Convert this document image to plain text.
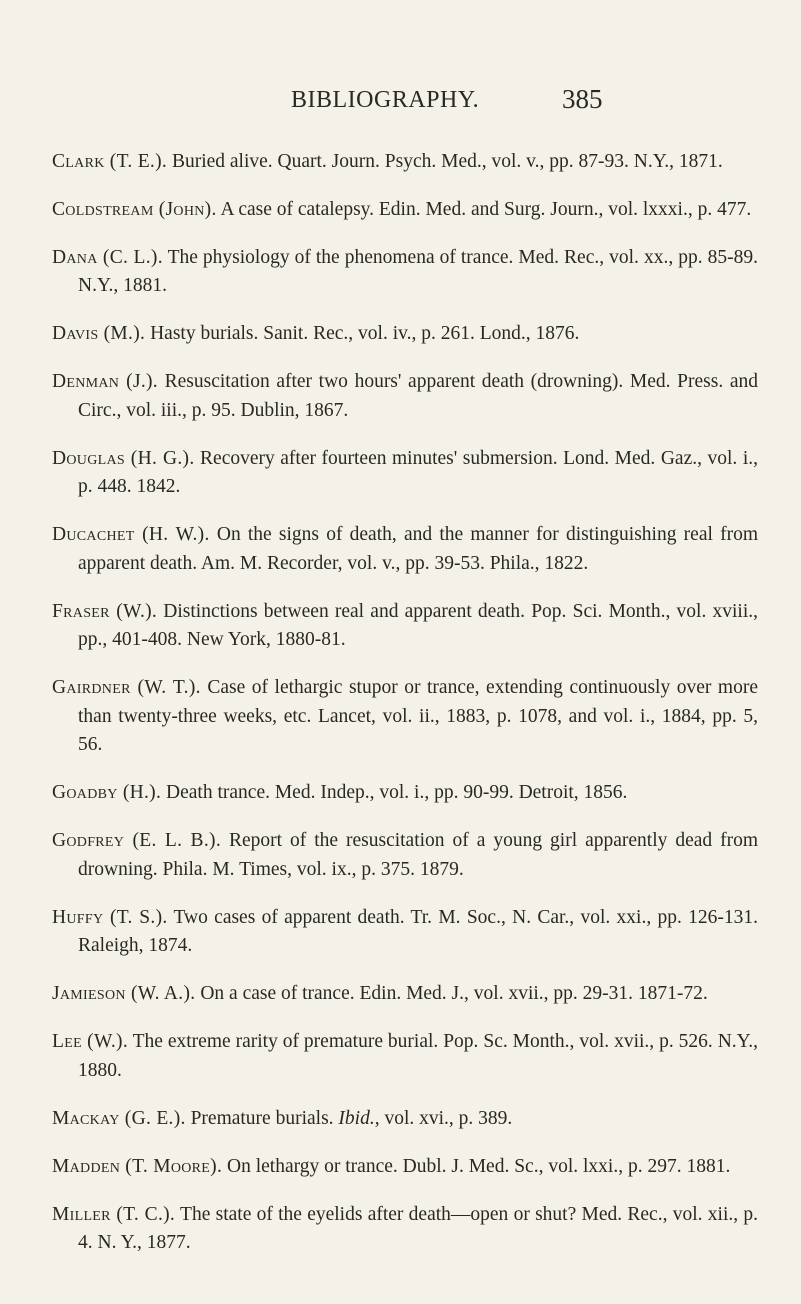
BIBLIOGRAPHY.	385

Clark (T. E.). Buried alive. Quart. Journ. Psych. Med., vol. v., pp. 87-93. N.Y., 1871.

Coldstream (John). A case of catalepsy. Edin. Med. and Surg. Journ., vol. lxxxi., p. 477.

Dana (C. L.). The physiology of the phenomena of trance. Med. Rec., vol. xx., pp. 85-89. N.Y., 1881.

Davis (M.). Hasty burials. Sanit. Rec., vol. iv., p. 261. Lond., 1876.

Denman (J.). Resuscitation after two hours' apparent death (drowning). Med. Press. and Circ., vol. iii., p. 95. Dublin, 1867.

Douglas (H. G.). Recovery after fourteen minutes' submersion. Lond. Med. Gaz., vol. i., p. 448. 1842.

Ducachet (H. W.). On the signs of death, and the manner for distinguishing real from apparent death. Am. M. Recorder, vol. v., pp. 39-53. Phila., 1822.

Fraser (W.). Distinctions between real and apparent death. Pop. Sci. Month., vol. xviii., pp., 401-408. New York, 1880-81.

Gairdner (W. T.). Case of lethargic stupor or trance, extending continuously over more than twenty-three weeks, etc. Lancet, vol. ii., 1883, p. 1078, and vol. i., 1884, pp. 5, 56.

Goadby (H.). Death trance. Med. Indep., vol. i., pp. 90-99. Detroit, 1856.

Godfrey (E. L. B.). Report of the resuscitation of a young girl apparently dead from drowning. Phila. M. Times, vol. ix., p. 375. 1879.

Huffy (T. S.). Two cases of apparent death. Tr. M. Soc., N. Car., vol. xxi., pp. 126-131. Raleigh, 1874.

Jamieson (W. A.). On a case of trance. Edin. Med. J., vol. xvii., pp. 29-31. 1871-72.

Lee (W.). The extreme rarity of premature burial. Pop. Sc. Month., vol. xvii., p. 526. N.Y., 1880.

Mackay (G. E.). Premature burials. Ibid., vol. xvi., p. 389.

Madden (T. Moore). On lethargy or trance. Dubl. J. Med. Sc., vol. lxxi., p. 297. 1881.

Miller (T. C.). The state of the eyelids after death—open or shut? Med. Rec., vol. xii., p. 4. N. Y., 1877.
